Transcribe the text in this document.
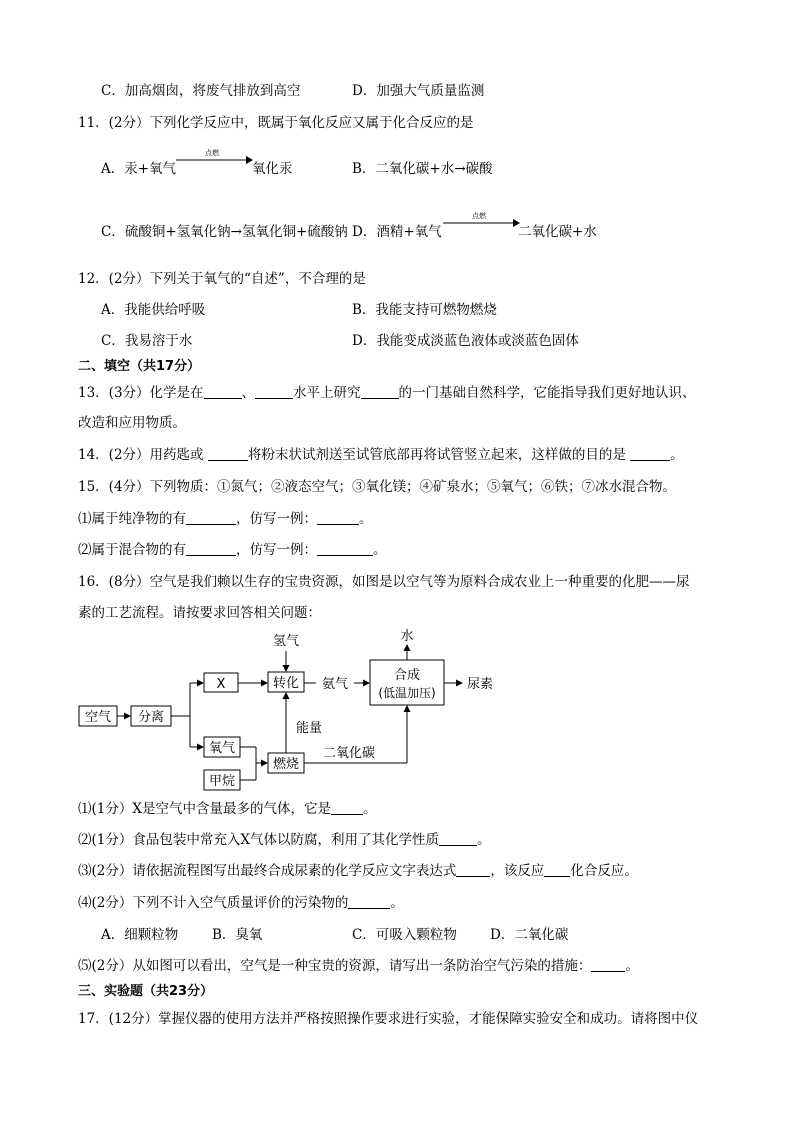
C．加高烟囱，将废气排放到高空	D．加强大气质量监测
11．(2分）下列化学反应中，既属于氧化反应又属于化合反应的是
A．汞+氧气
点燃
氧化汞	B．二氧化碳+水→碳酸
C．硫酸铜+氢氧化钠→氢氧化铜+硫酸钠 D．酒精+氧气
点燃
二氧化碳+水
12．(2分）下列关于氧气的“自述”，不合理的是
A．我能供给呼吸	B．我能支持可燃物燃烧
C．我易溶于水	D．我能变成淡蓝色液体或淡蓝色固体
二、填空（共17分）
13．(3分）化学是在	、	水平上研究	的一门基础自然科学，它能指导我们更好地认识、
改造和应用物质。
14．(2分）用药匙或	将粉末状试剂送至试管底部再将试管竖立起来，这样做的目的是	。
15．(4分）下列物质：①氮气；②液态空气；③氧化镁；④矿泉水；⑤氧气；⑥铁；⑦冰水混合物。
⑴属于纯净物的有	，仿写一例：	。
⑵属于混合物的有	，仿写一例：	。
16．(8分）空气是我们赖以生存的宝贵资源，如图是以空气等为原料合成农业上一种重要的化肥——尿
素的工艺流程。请按要求回答相关问题：
空气 分离
X	转化
氢气
氨气
合成
(低温加压)
水
尿素
氧气
甲烷
燃烧
能量
二氧化碳
⑴(1分）X是空气中含量最多的气体，它是 。
⑵(1分）食品包装中常充入X气体以防腐，利用了其化学性质	。
⑶(2分）请依据流程图写出最终合成尿素的化学反应文字表达式	，该反应 化合反应。
⑷(2分）下列不计入空气质量评价的污染物的	。
A．细颗粒物	B．臭氧	C．可吸入颗粒物 D．二氧化碳
⑸(2分）从如图可以看出，空气是一种宝贵的资源，请写出一条防治空气污染的措施：	。
三、实验题（共23分）
17．(12分）掌握仪器的使用方法并严格按照操作要求进行实验，才能保障实验安全和成功。请将图中仪
